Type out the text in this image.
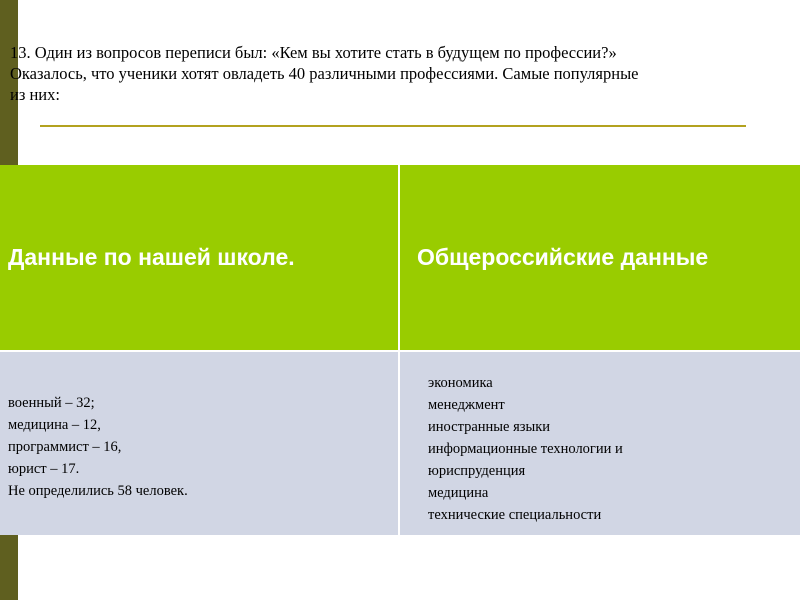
13. Один из вопросов переписи был: «Кем вы хотите стать в будущем по профессии?»
Оказалось, что ученики хотят овладеть 40 различными профессиями. Самые популярные
из них:
Данные по нашей школе.	Общероссийские данные
военный – 32;
медицина – 12,
программист – 16,
юрист – 17.
Не определились 58 человек.
экономика
менеджмент
иностранные языки
информационные технологии и
юриспруденция
медицина
технические специальности
